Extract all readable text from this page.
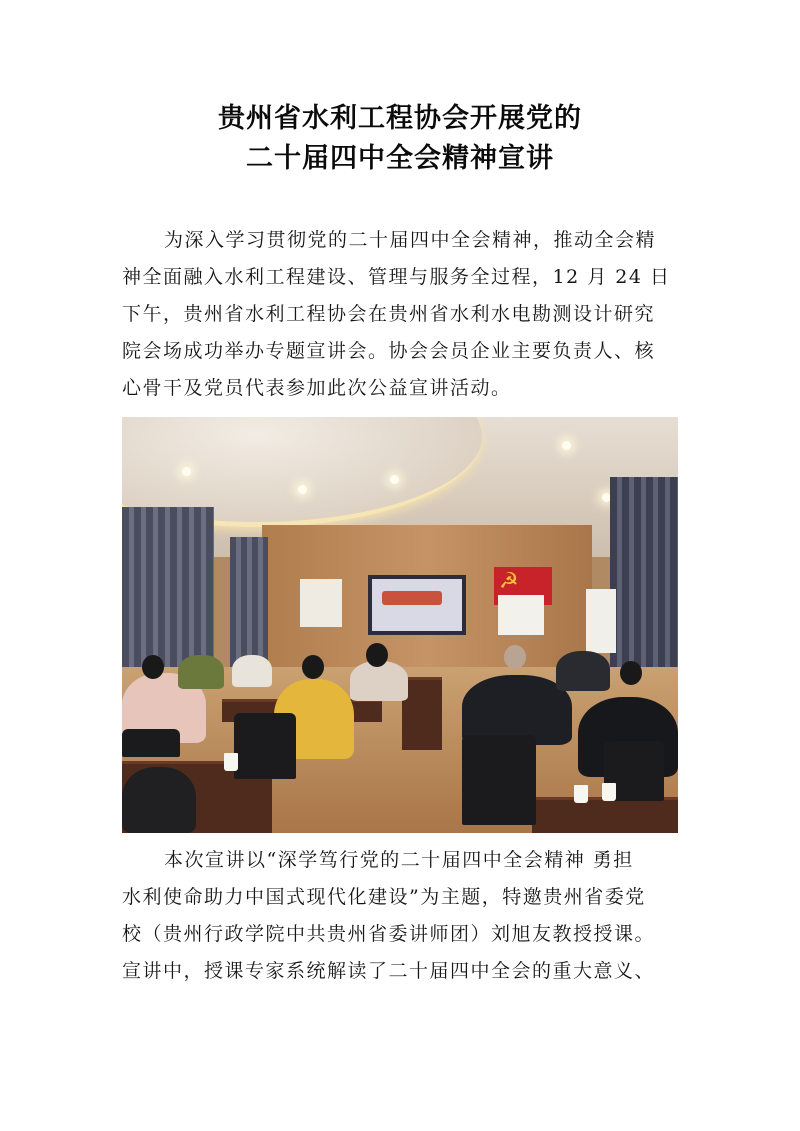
贵州省水利工程协会开展党的
二十届四中全会精神宣讲

为深入学习贯彻党的二十届四中全会精神，推动全会精
神全面融入水利工程建设、管理与服务全过程，12 月 24 日
下午，贵州省水利工程协会在贵州省水利水电勘测设计研究
院会场成功举办专题宣讲会。协会会员企业主要负责人、核
心骨干及党员代表参加此次公益宣讲活动。

☭

本次宣讲以“深学笃行党的二十届四中全会精神 勇担
水利使命助力中国式现代化建设”为主题，特邀贵州省委党
校（贵州行政学院中共贵州省委讲师团）刘旭友教授授课。
宣讲中，授课专家系统解读了二十届四中全会的重大意义、
